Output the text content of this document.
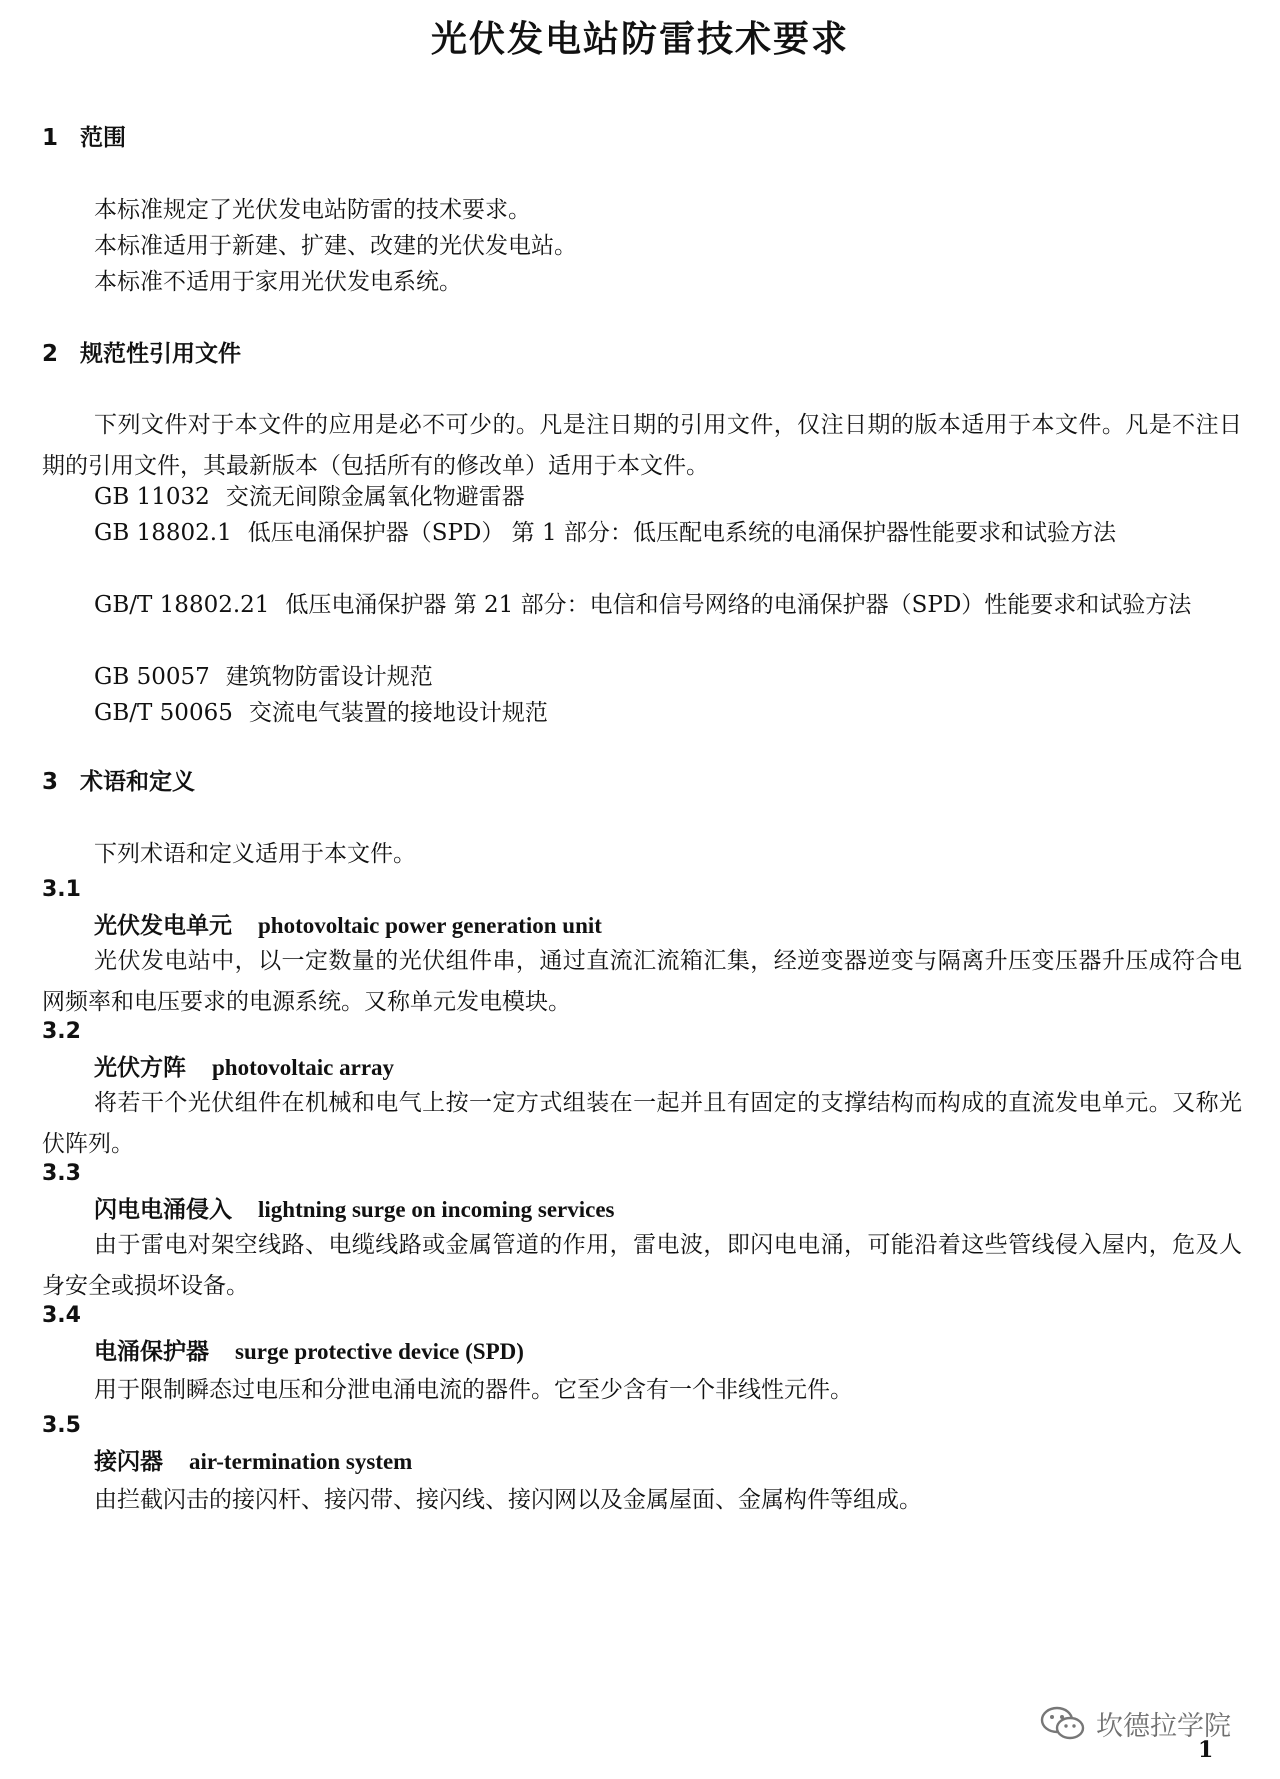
光伏发电站防雷技术要求
1 范围
本标准规定了光伏发电站防雷的技术要求。
本标准适用于新建、扩建、改建的光伏发电站。
本标准不适用于家用光伏发电系统。
2 规范性引用文件
下列文件对于本文件的应用是必不可少的。凡是注日期的引用文件，仅注日期的版本适用于本文件。凡是不注日期的引用文件，其最新版本（包括所有的修改单）适用于本文件。
GB 11032 交流无间隙金属氧化物避雷器
GB 18802.1 低压电涌保护器（SPD） 第 1 部分：低压配电系统的电涌保护器性能要求和试验方法
GB/T 18802.21 低压电涌保护器 第 21 部分：电信和信号网络的电涌保护器（SPD）性能要求和试验方法
GB 50057 建筑物防雷设计规范
GB/T 50065 交流电气装置的接地设计规范
3 术语和定义
下列术语和定义适用于本文件。
3.1
光伏发电单元 photovoltaic power generation unit
光伏发电站中，以一定数量的光伏组件串，通过直流汇流箱汇集，经逆变器逆变与隔离升压变压器升压成符合电网频率和电压要求的电源系统。又称单元发电模块。
3.2
光伏方阵 photovoltaic array
将若干个光伏组件在机械和电气上按一定方式组装在一起并且有固定的支撑结构而构成的直流发电单元。又称光伏阵列。
3.3
闪电电涌侵入 lightning surge on incoming services
由于雷电对架空线路、电缆线路或金属管道的作用，雷电波，即闪电电涌，可能沿着这些管线侵入屋内，危及人身安全或损坏设备。
3.4
电涌保护器 surge protective device (SPD)
用于限制瞬态过电压和分泄电涌电流的器件。它至少含有一个非线性元件。
3.5
接闪器 air-termination system
由拦截闪击的接闪杆、接闪带、接闪线、接闪网以及金属屋面、金属构件等组成。
坎德拉学院
1
